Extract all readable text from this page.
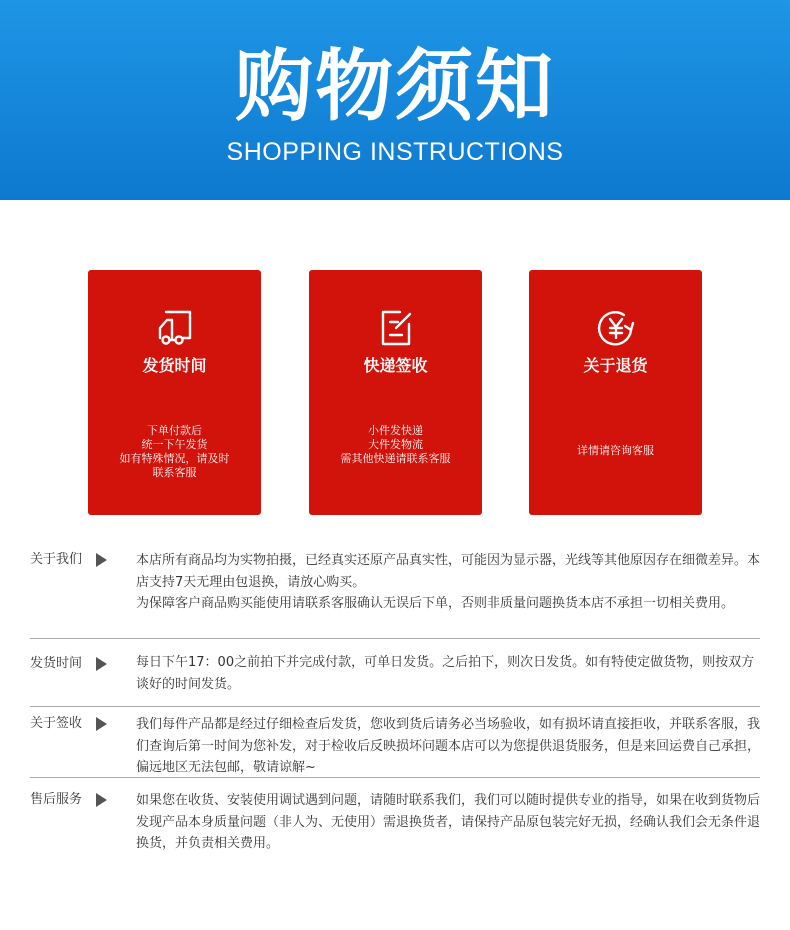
购物须知
SHOPPING INSTRUCTIONS
发货时间
下单付款后
统一下午发货
如有特殊情况，请及时
联系客服
快递签收
小件发快递
大件发物流
需其他快递请联系客服
关于退货
详情请咨询客服
关于我们	本店所有商品均为实物拍摄，已经真实还原产品真实性，可能因为显示器，光线等其他原因存在细微差异。本店支持7天无理由包退换，请放心购买。

为保障客户商品购买能使用请联系客服确认无误后下单，否则非质量问题换货本店不承担一切相关费用。

发货时间	每日下午17：00之前拍下并完成付款，可单日发货。之后拍下，则次日发货。如有特使定做货物，则按双方谈好的时间发货。

关于签收	我们每件产品都是经过仔细检查后发货，您收到货后请务必当场验收，如有损坏请直接拒收，并联系客服，我们查询后第一时间为您补发，对于检收后反映损坏问题本店可以为您提供退货服务，但是来回运费自己承担，偏远地区无法包邮，敬请谅解~

售后服务	如果您在收货、安装使用调试遇到问题，请随时联系我们，我们可以随时提供专业的指导，如果在收到货物后发现产品本身质量问题（非人为、无使用）需退换货者，请保持产品原包装完好无损，经确认我们会无条件退换货，并负责相关费用。
